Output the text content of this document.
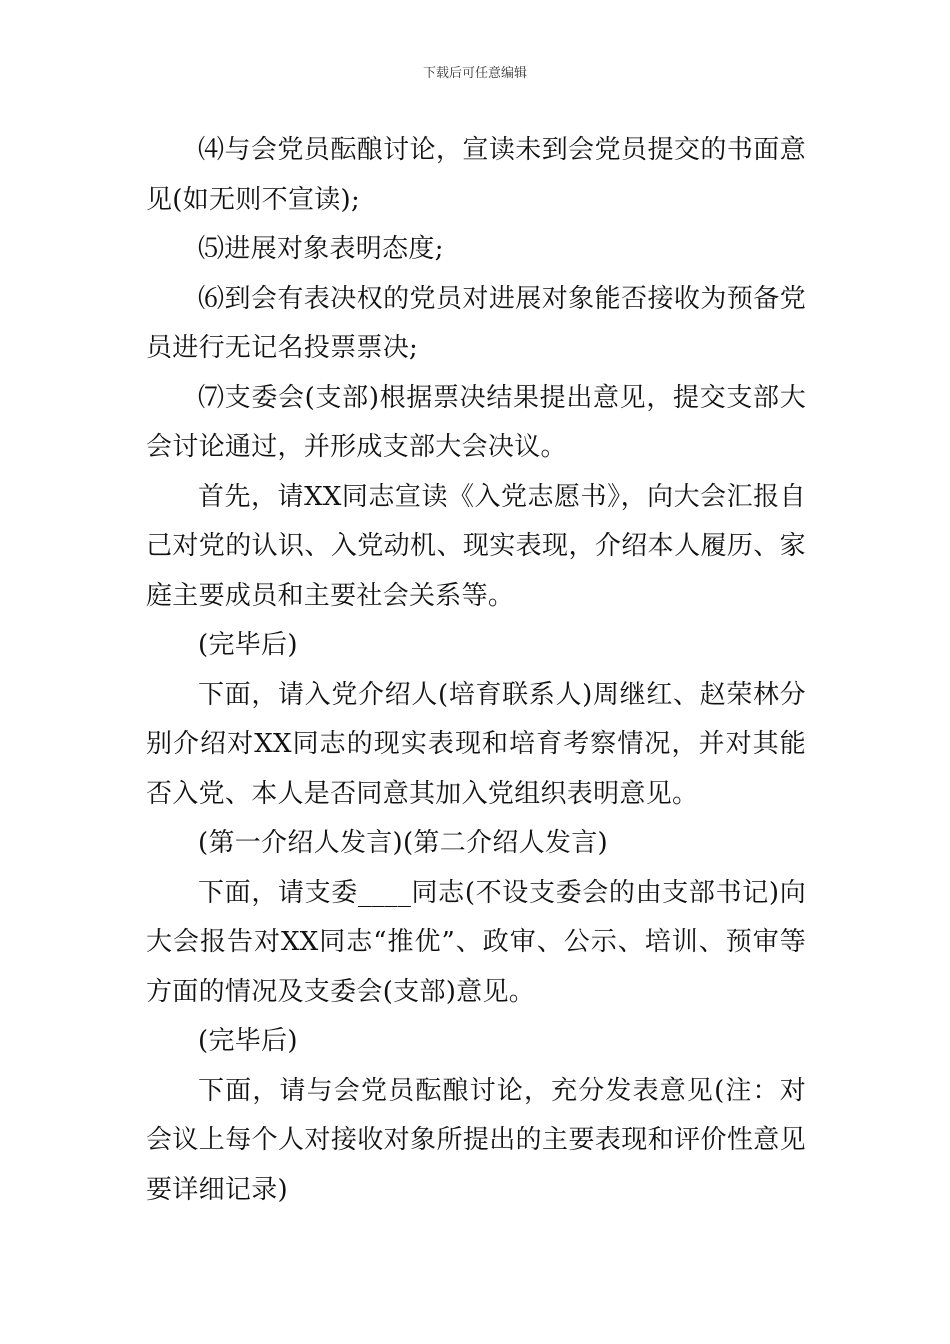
下载后可任意编辑

⑷与会党员酝酿讨论，宣读未到会党员提交的书面意见(如无则不宣读);

⑸进展对象表明态度;

⑹到会有表决权的党员对进展对象能否接收为预备党员进行无记名投票票决;

⑺支委会(支部)根据票决结果提出意见，提交支部大会讨论通过，并形成支部大会决议。

首先，请XX同志宣读《入党志愿书》，向大会汇报自己对党的认识、入党动机、现实表现，介绍本人履历、家庭主要成员和主要社会关系等。

(完毕后)

下面，请入党介绍人(培育联系人)周继红、赵荣林分别介绍对XX同志的现实表现和培育考察情况，并对其能否入党、本人是否同意其加入党组织表明意见。

(第一介绍人发言)(第二介绍人发言)

下面，请支委____同志(不设支委会的由支部书记)向大会报告对XX同志“推优”、政审、公示、培训、预审等方面的情况及支委会(支部)意见。

(完毕后)

下面，请与会党员酝酿讨论，充分发表意见(注：对会议上每个人对接收对象所提出的主要表现和评价性意见要详细记录)
